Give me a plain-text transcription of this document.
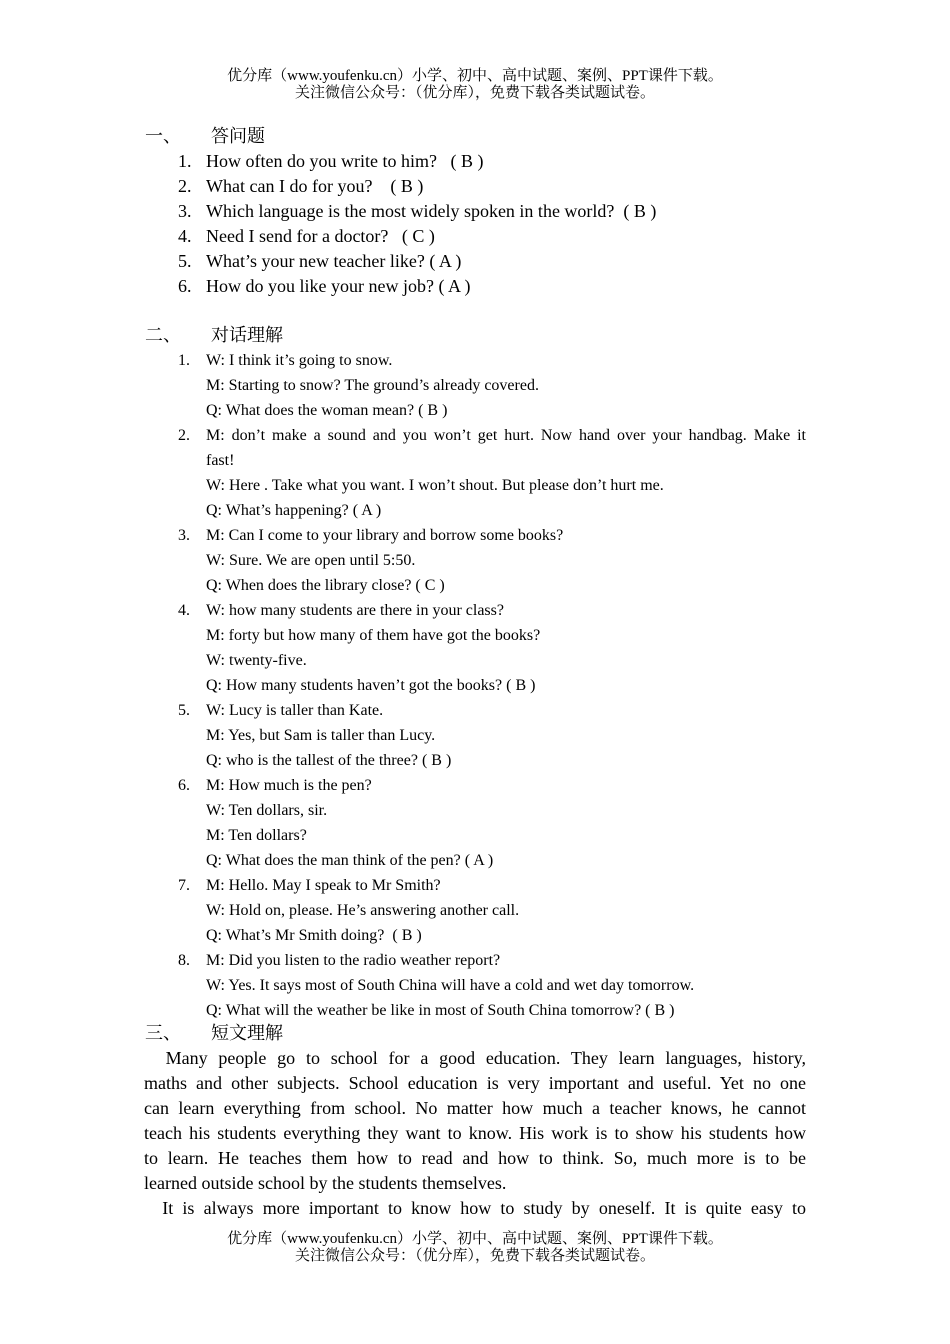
优分库（www.youfenku.cn）小学、初中、高中试题、案例、PPT课件下载。
关注微信公众号：（优分库），免费下载各类试题试卷。
一、 答问题
1. How often do you write to him?   ( B )
2. What can I do for you?    ( B )
3. Which language is the most widely spoken in the world?  ( B )
4. Need I send for a doctor?   ( C )
5. What’s your new teacher like? ( A )
6. How do you like your new job? ( A )
二、 对话理解
1. W: I think it’s going to snow.
M: Starting to snow? The ground’s already covered.
Q: What does the woman mean? ( B )
2. M: don’t make a sound and you won’t get hurt. Now hand over your handbag. Make it
fast!
W: Here . Take what you want. I won’t shout. But please don’t hurt me.
Q: What’s happening? ( A )
3. M: Can I come to your library and borrow some books?
W: Sure. We are open until 5:50.
Q: When does the library close? ( C )
4. W: how many students are there in your class?
M: forty but how many of them have got the books?
W: twenty-five.
Q: How many students haven’t got the books? ( B )
5. W: Lucy is taller than Kate.
M: Yes, but Sam is taller than Lucy.
Q: who is the tallest of the three? ( B )
6. M: How much is the pen?
W: Ten dollars, sir.
M: Ten dollars?
Q: What does the man think of the pen? ( A )
7. M: Hello. May I speak to Mr Smith?
W: Hold on, please. He’s answering another call.
Q: What’s Mr Smith doing?  ( B )
8. M: Did you listen to the radio weather report?
W: Yes. It says most of South China will have a cold and wet day tomorrow.
Q: What will the weather be like in most of South China tomorrow? ( B )
三、 短文理解
Many people go to school for a good education. They learn languages, history,
maths and other subjects. School education is very important and useful. Yet no one
can learn everything from school. No matter how much a teacher knows, he cannot
teach his students everything they want to know. His work is to show his students how
to learn. He teaches them how to read and how to think. So, much more is to be
learned outside school by the students themselves.
It is always more important to know how to study by oneself. It is quite easy to
优分库（www.youfenku.cn）小学、初中、高中试题、案例、PPT课件下载。
关注微信公众号：（优分库），免费下载各类试题试卷。
